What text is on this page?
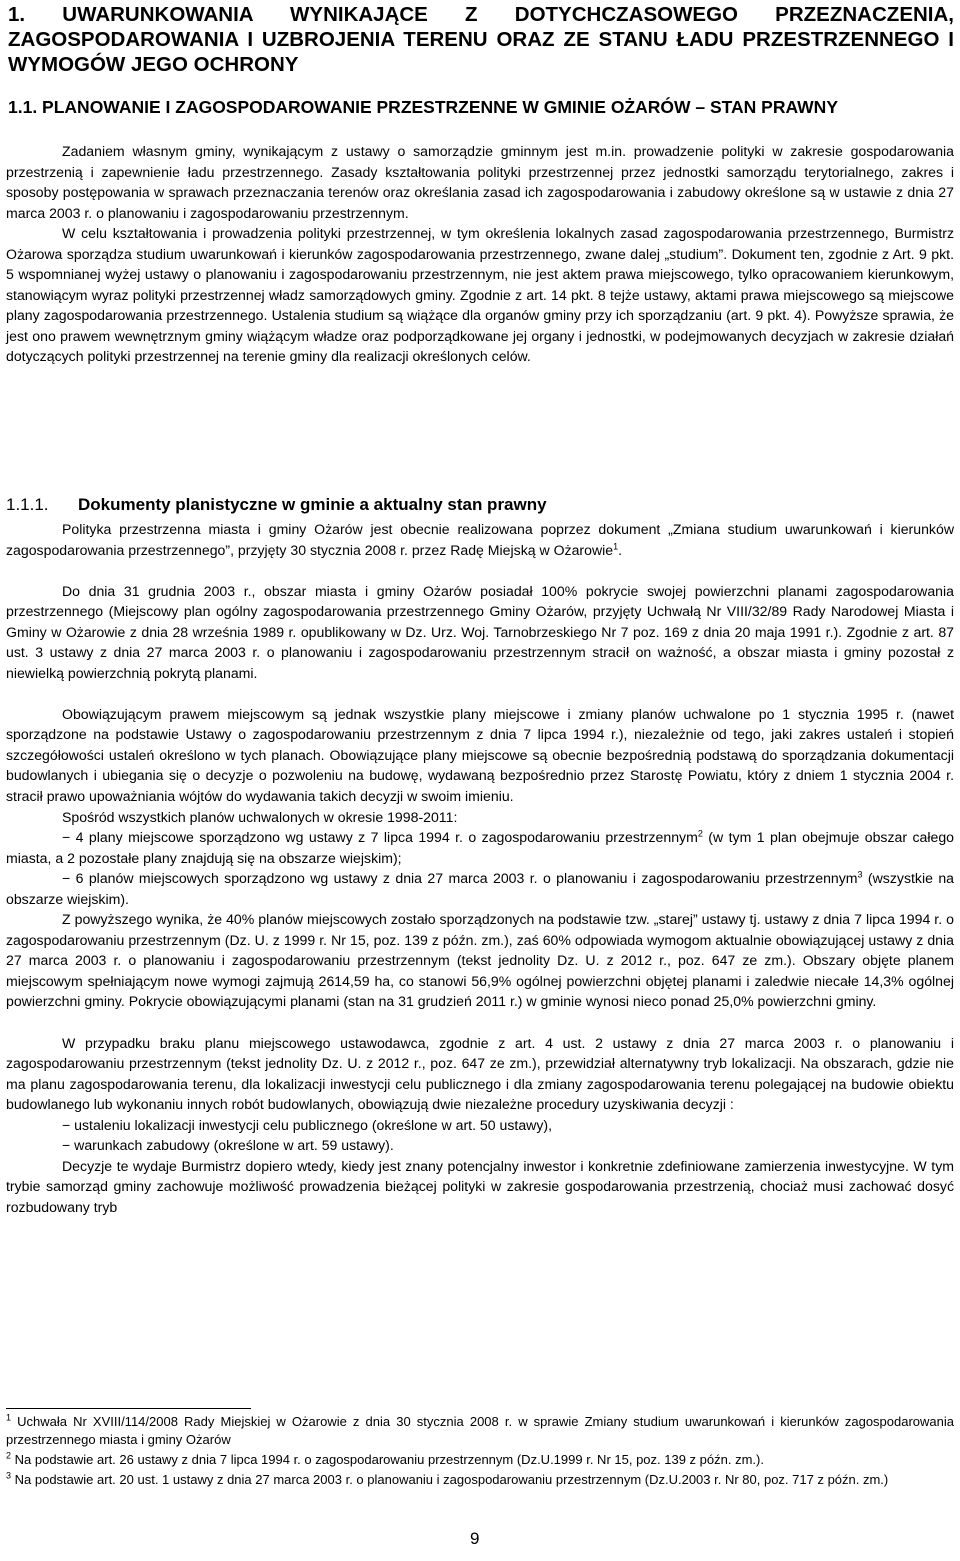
1. UWARUNKOWANIA WYNIKAJĄCE Z DOTYCHCZASOWEGO PRZEZNACZENIA, ZAGOSPODAROWANIA I UZBROJENIA TERENU ORAZ ZE STANU ŁADU PRZESTRZENNEGO I WYMOGÓW JEGO OCHRONY
1.1. PLANOWANIE I ZAGOSPODAROWANIE PRZESTRZENNE W GMINIE OŻARÓW – STAN PRAWNY

Zadaniem własnym gminy, wynikającym z ustawy o samorządzie gminnym jest m.in. prowadzenie polityki w zakresie gospodarowania przestrzenią i zapewnienie ładu przestrzennego. Zasady kształtowania polityki przestrzennej przez jednostki samorządu terytorialnego, zakres i sposoby postępowania w sprawach przeznaczania terenów oraz określania zasad ich zagospodarowania i zabudowy określone są w ustawie z dnia 27 marca 2003 r. o planowaniu i zagospodarowaniu przestrzennym.

W celu kształtowania i prowadzenia polityki przestrzennej, w tym określenia lokalnych zasad zagospodarowania przestrzennego, Burmistrz Ożarowa sporządza studium uwarunkowań i kierunków zagospodarowania przestrzennego, zwane dalej „studium”. Dokument ten, zgodnie z Art. 9 pkt. 5 wspomnianej wyżej ustawy o planowaniu i zagospodarowaniu przestrzennym, nie jest aktem prawa miejscowego, tylko opracowaniem kierunkowym, stanowiącym wyraz polityki przestrzennej władz samorządowych gminy. Zgodnie z art. 14 pkt. 8 tejże ustawy, aktami prawa miejscowego są miejscowe plany zagospodarowania przestrzennego. Ustalenia studium są wiążące dla organów gminy przy ich sporządzaniu (art. 9 pkt. 4). Powyższe sprawia, że jest ono prawem wewnętrznym gminy wiążącym władze oraz podporządkowane jej organy i jednostki, w podejmowanych decyzjach w zakresie działań dotyczących polityki przestrzennej na terenie gminy dla realizacji określonych celów.

1.1.1. Dokumenty planistyczne w gminie a aktualny stan prawny

Polityka przestrzenna miasta i gminy Ożarów jest obecnie realizowana poprzez dokument „Zmiana studium uwarunkowań i kierunków zagospodarowania przestrzennego”, przyjęty 30 stycznia 2008 r. przez Radę Miejską w Ożarowie$^1$.

Do dnia 31 grudnia 2003 r., obszar miasta i gminy Ożarów posiadał 100% pokrycie swojej powierzchni planami zagospodarowania przestrzennego (Miejscowy plan ogólny zagospodarowania przestrzennego Gminy Ożarów, przyjęty Uchwałą Nr VIII/32/89 Rady Narodowej Miasta i Gminy w Ożarowie z dnia 28 września 1989 r. opublikowany w Dz. Urz. Woj. Tarnobrzeskiego Nr 7 poz. 169 z dnia 20 maja 1991 r.). Zgodnie z art. 87 ust. 3 ustawy z dnia 27 marca 2003 r. o planowaniu i zagospodarowaniu przestrzennym stracił on ważność, a obszar miasta i gminy pozostał z niewielką powierzchnią pokrytą planami.

Obowiązującym prawem miejscowym są jednak wszystkie plany miejscowe i zmiany planów uchwalone po 1 stycznia 1995 r. (nawet sporządzone na podstawie Ustawy o zagospodarowaniu przestrzennym z dnia 7 lipca 1994 r.), niezależnie od tego, jaki zakres ustaleń i stopień szczegółowości ustaleń określono w tych planach. Obowiązujące plany miejscowe są obecnie bezpośrednią podstawą do sporządzania dokumentacji budowlanych i ubiegania się o decyzje o pozwoleniu na budowę, wydawaną bezpośrednio przez Starostę Powiatu, który z dniem 1 stycznia 2004 r. stracił prawo upoważniania wójtów do wydawania takich decyzji w swoim imieniu.

Spośród wszystkich planów uchwalonych w okresie 1998-2011:

− 4 plany miejscowe sporządzono wg ustawy z 7 lipca 1994 r. o zagospodarowaniu przestrzennym$^2$ (w tym 1 plan obejmuje obszar całego miasta, a 2 pozostałe plany znajdują się na obszarze wiejskim);

− 6 planów miejscowych sporządzono wg ustawy z dnia 27 marca 2003 r. o planowaniu i zagospodarowaniu przestrzennym$^3$ (wszystkie na obszarze wiejskim).

Z powyższego wynika, że 40% planów miejscowych zostało sporządzonych na podstawie tzw. „starej” ustawy tj. ustawy z dnia 7 lipca 1994 r. o zagospodarowaniu przestrzennym (Dz. U. z 1999 r. Nr 15, poz. 139 z późn. zm.), zaś 60% odpowiada wymogom aktualnie obowiązującej ustawy z dnia 27 marca 2003 r. o planowaniu i zagospodarowaniu przestrzennym (tekst jednolity Dz. U. z 2012 r., poz. 647 ze zm.). Obszary objęte planem miejscowym spełniającym nowe wymogi zajmują 2614,59 ha, co stanowi 56,9% ogólnej powierzchni objętej planami i zaledwie niecałe 14,3% ogólnej powierzchni gminy. Pokrycie obowiązującymi planami (stan na 31 grudzień 2011 r.) w gminie wynosi nieco ponad 25,0% powierzchni gminy.

W przypadku braku planu miejscowego ustawodawca, zgodnie z art. 4 ust. 2 ustawy z dnia 27 marca 2003 r. o planowaniu i zagospodarowaniu przestrzennym (tekst jednolity Dz. U. z 2012 r., poz. 647 ze zm.), przewidział alternatywny tryb lokalizacji. Na obszarach, gdzie nie ma planu zagospodarowania terenu, dla lokalizacji inwestycji celu publicznego i dla zmiany zagospodarowania terenu polegającej na budowie obiektu budowlanego lub wykonaniu innych robót budowlanych, obowiązują dwie niezależne procedury uzyskiwania decyzji :

− ustaleniu lokalizacji inwestycji celu publicznego (określone w art. 50 ustawy),

− warunkach zabudowy (określone w art. 59 ustawy).

Decyzje te wydaje Burmistrz dopiero wtedy, kiedy jest znany potencjalny inwestor i konkretnie zdefiniowane zamierzenia inwestycyjne. W tym trybie samorząd gminy zachowuje możliwość prowadzenia bieżącej polityki w zakresie gospodarowania przestrzenią, chociaż musi zachować dosyć rozbudowany tryb

$^1$ Uchwała Nr XVIII/114/2008 Rady Miejskiej w Ożarowie z dnia 30 stycznia 2008 r. w sprawie Zmiany studium uwarunkowań i kierunków zagospodarowania przestrzennego miasta i gminy Ożarów

$^2$ Na podstawie art. 26 ustawy z dnia 7 lipca 1994 r. o zagospodarowaniu przestrzennym (Dz.U.1999 r. Nr 15, poz. 139 z późn. zm.).

$^3$ Na podstawie art. 20 ust. 1 ustawy z dnia 27 marca 2003 r. o planowaniu i zagospodarowaniu przestrzennym (Dz.U.2003 r. Nr 80, poz. 717 z późn. zm.)

9
